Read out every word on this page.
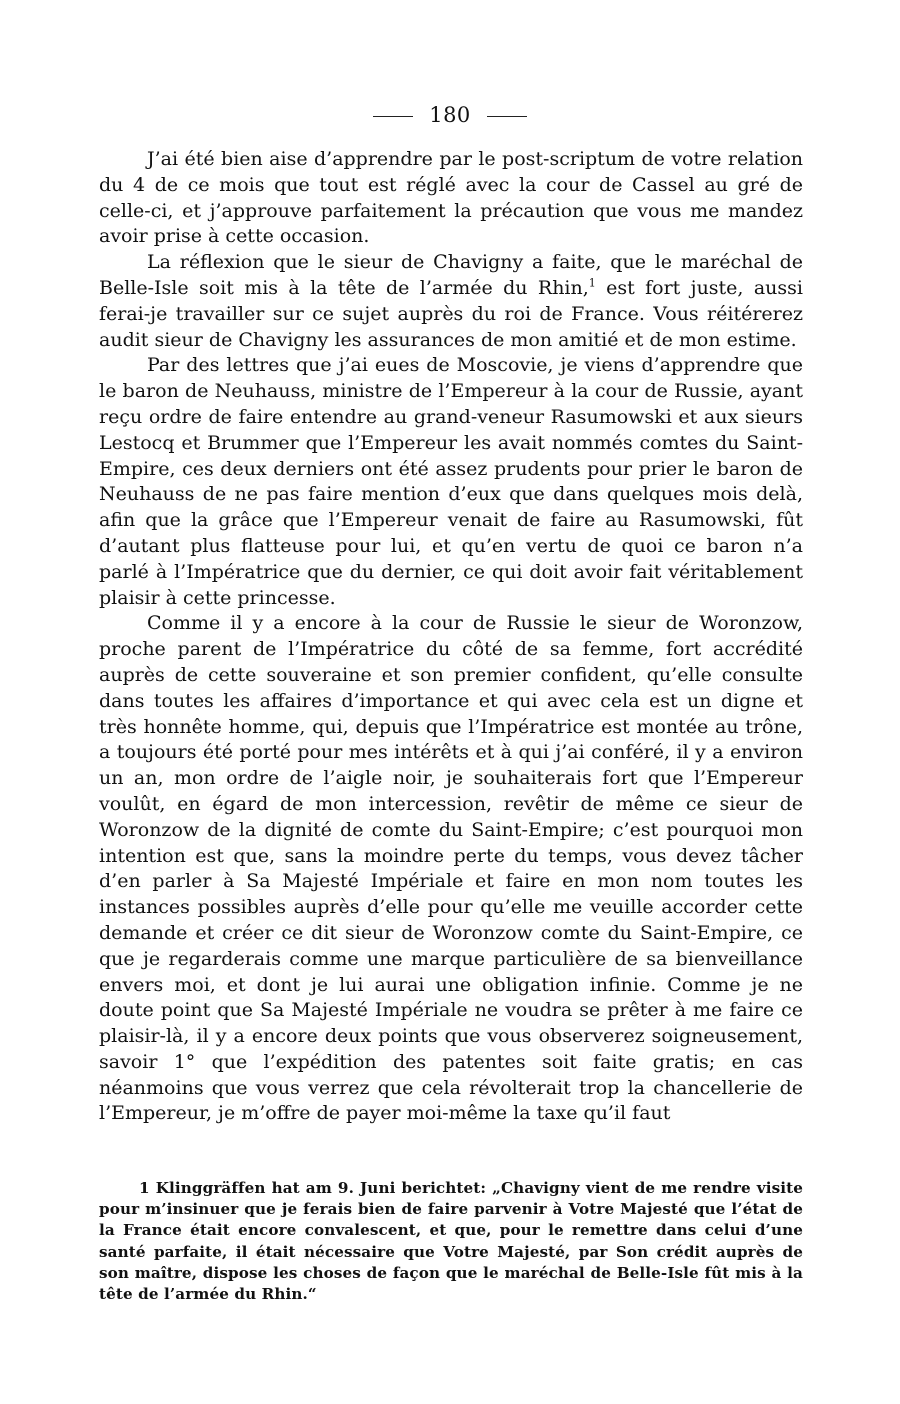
180

J’ai été bien aise d’apprendre par le post-scriptum de votre relation du 4 de ce mois que tout est réglé avec la cour de Cassel au gré de celle-ci, et j’approuve parfaitement la précaution que vous me mandez avoir prise à cette occasion.

La réflexion que le sieur de Chavigny a faite, que le maréchal de Belle-Isle soit mis à la tête de l’armée du Rhin,$^1$ est fort juste, aussi ferai-je travailler sur ce sujet auprès du roi de France. Vous réitérerez audit sieur de Chavigny les assurances de mon amitié et de mon estime.

Par des lettres que j’ai eues de Moscovie, je viens d’apprendre que le baron de Neuhauss, ministre de l’Empereur à la cour de Russie, ayant reçu ordre de faire entendre au grand-veneur Rasumowski et aux sieurs Lestocq et Brummer que l’Empereur les avait nommés comtes du Saint-Empire, ces deux derniers ont été assez prudents pour prier le baron de Neuhauss de ne pas faire mention d’eux que dans quelques mois delà, afin que la grâce que l’Empereur venait de faire au Rasumowski, fût d’autant plus flatteuse pour lui, et qu’en vertu de quoi ce baron n’a parlé à l’Impératrice que du dernier, ce qui doit avoir fait véritablement plaisir à cette princesse.

Comme il y a encore à la cour de Russie le sieur de Woronzow, proche parent de l’Impératrice du côté de sa femme, fort accrédité auprès de cette souveraine et son premier confident, qu’elle consulte dans toutes les affaires d’importance et qui avec cela est un digne et très honnête homme, qui, depuis que l’Impératrice est montée au trône, a toujours été porté pour mes intérêts et à qui j’ai conféré, il y a environ un an, mon ordre de l’aigle noir, je souhaiterais fort que l’Empereur voulût, en égard de mon intercession, revêtir de même ce sieur de Woronzow de la dignité de comte du Saint-Empire; c’est pourquoi mon intention est que, sans la moindre perte du temps, vous devez tâcher d’en parler à Sa Majesté Impériale et faire en mon nom toutes les instances possibles auprès d’elle pour qu’elle me veuille accorder cette demande et créer ce dit sieur de Woronzow comte du Saint-Empire, ce que je regarderais comme une marque particulière de sa bienveillance envers moi, et dont je lui aurai une obligation infinie. Comme je ne doute point que Sa Majesté Impériale ne voudra se prêter à me faire ce plaisir-là, il y a encore deux points que vous observerez soigneusement, savoir 1° que l’expédition des patentes soit faite gratis; en cas néanmoins que vous verrez que cela révolterait trop la chancellerie de l’Empereur, je m’offre de payer moi-même la taxe qu’il faut

1 Klinggräffen hat am 9. Juni berichtet: „Chavigny vient de me rendre visite pour m’insinuer que je ferais bien de faire parvenir à Votre Majesté que l’état de la France était encore convalescent, et que, pour le remettre dans celui d’une santé parfaite, il était nécessaire que Votre Majesté, par Son crédit auprès de son maître, dispose les choses de façon que le maréchal de Belle-Isle fût mis à la tête de l’armée du Rhin.“
